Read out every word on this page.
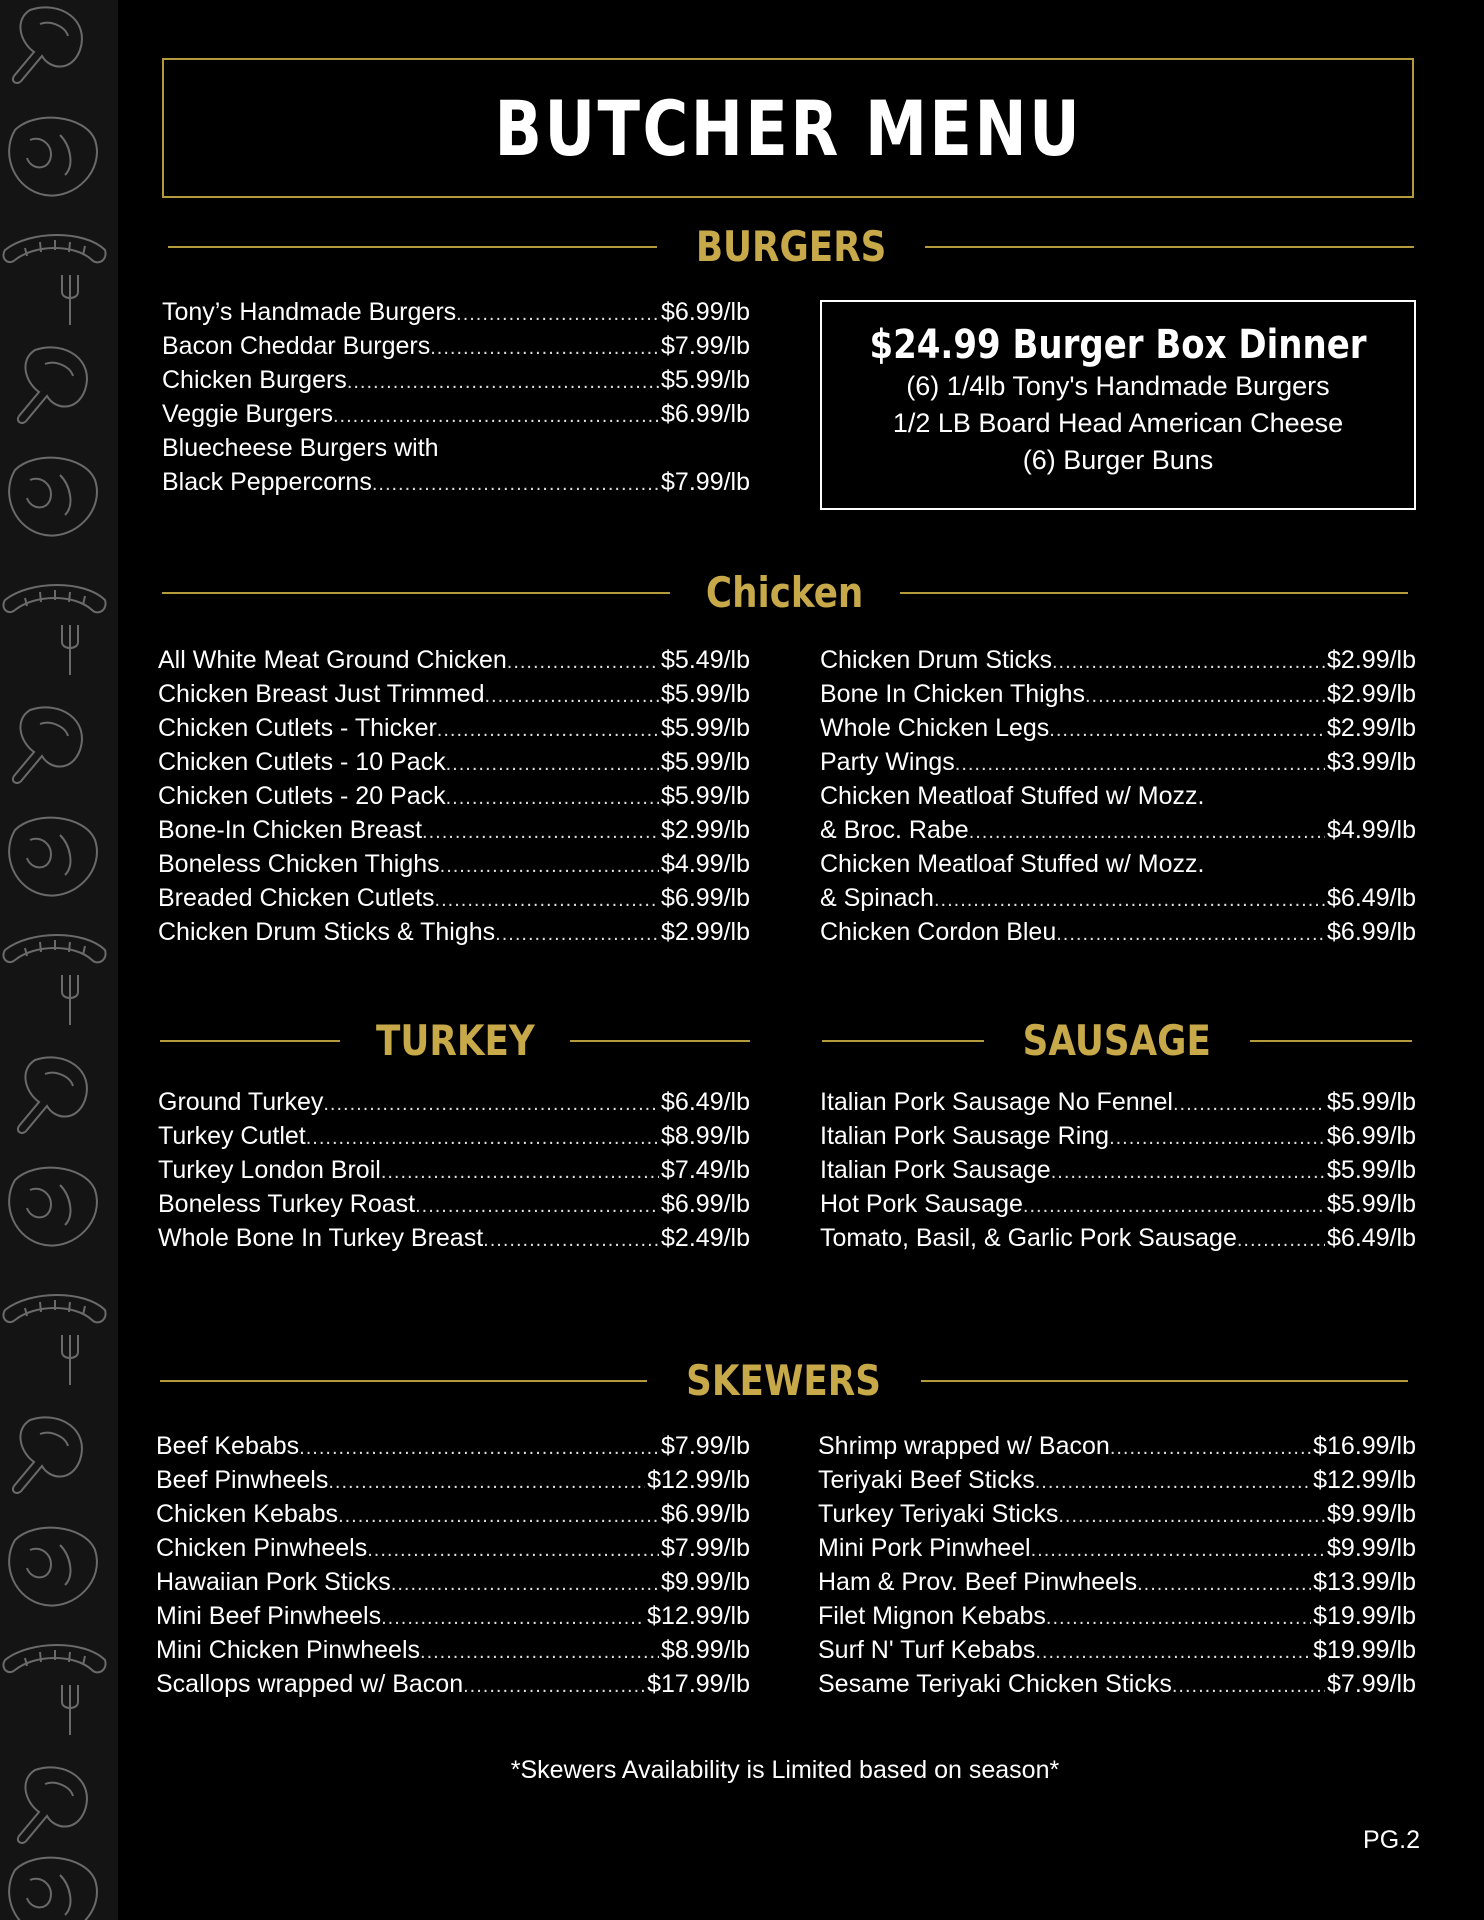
BUTCHER MENU
BURGERS
Tony’s Handmade Burgers .....	$6.99/lb
Bacon Cheddar Burgers .....	$7.99/lb
Chicken Burgers .....	$5.99/lb
Veggie Burgers .....	$6.99/lb
Bluecheese Burgers with
Black Peppercorns .....	$7.99/lb
$24.99 Burger Box Dinner
(6) 1/4lb Tony's Handmade Burgers
1/2 LB Board Head American Cheese
(6) Burger Buns
Chicken
All White Meat Ground Chicken .....	$5.49/lb
Chicken Breast Just Trimmed .....	$5.99/lb
Chicken Cutlets - Thicker .....	$5.99/lb
Chicken Cutlets - 10 Pack .....	$5.99/lb
Chicken Cutlets - 20 Pack .....	$5.99/lb
Bone-In Chicken Breast .....	$2.99/lb
Boneless Chicken Thighs .....	$4.99/lb
Breaded Chicken Cutlets .....	$6.99/lb
Chicken Drum Sticks & Thighs .....	$2.99/lb
Chicken Drum Sticks .....	$2.99/lb
Bone In Chicken Thighs .....	$2.99/lb
Whole Chicken Legs .....	$2.99/lb
Party Wings .....	$3.99/lb
Chicken Meatloaf Stuffed w/ Mozz.
& Broc. Rabe .....	$4.99/lb
Chicken Meatloaf Stuffed w/ Mozz.
& Spinach .....	$6.49/lb
Chicken Cordon Bleu .....	$6.99/lb
TURKEY
Ground Turkey .....	$6.49/lb
Turkey Cutlet .....	$8.99/lb
Turkey London Broil .....	$7.49/lb
Boneless Turkey Roast .....	$6.99/lb
Whole Bone In Turkey Breast .....	$2.49/lb
SAUSAGE
Italian Pork Sausage No Fennel .....	$5.99/lb
Italian Pork Sausage Ring .....	$6.99/lb
Italian Pork Sausage .....	$5.99/lb
Hot Pork Sausage .....	$5.99/lb
Tomato, Basil, & Garlic Pork Sausage .....	$6.49/lb
SKEWERS
Beef Kebabs .....	$7.99/lb
Beef Pinwheels .....	$12.99/lb
Chicken Kebabs .....	$6.99/lb
Chicken Pinwheels .....	$7.99/lb
Hawaiian Pork Sticks .....	$9.99/lb
Mini Beef Pinwheels .....	$12.99/lb
Mini Chicken Pinwheels .....	$8.99/lb
Scallops wrapped w/ Bacon .....	$17.99/lb
Shrimp wrapped w/ Bacon .....	$16.99/lb
Teriyaki Beef Sticks .....	$12.99/lb
Turkey Teriyaki Sticks .....	$9.99/lb
Mini Pork Pinwheel .....	$9.99/lb
Ham & Prov. Beef Pinwheels .....	$13.99/lb
Filet Mignon Kebabs .....	$19.99/lb
Surf N' Turf Kebabs .....	$19.99/lb
Sesame Teriyaki Chicken Sticks .....	$7.99/lb
*Skewers Availability is Limited based on season*
PG.2
